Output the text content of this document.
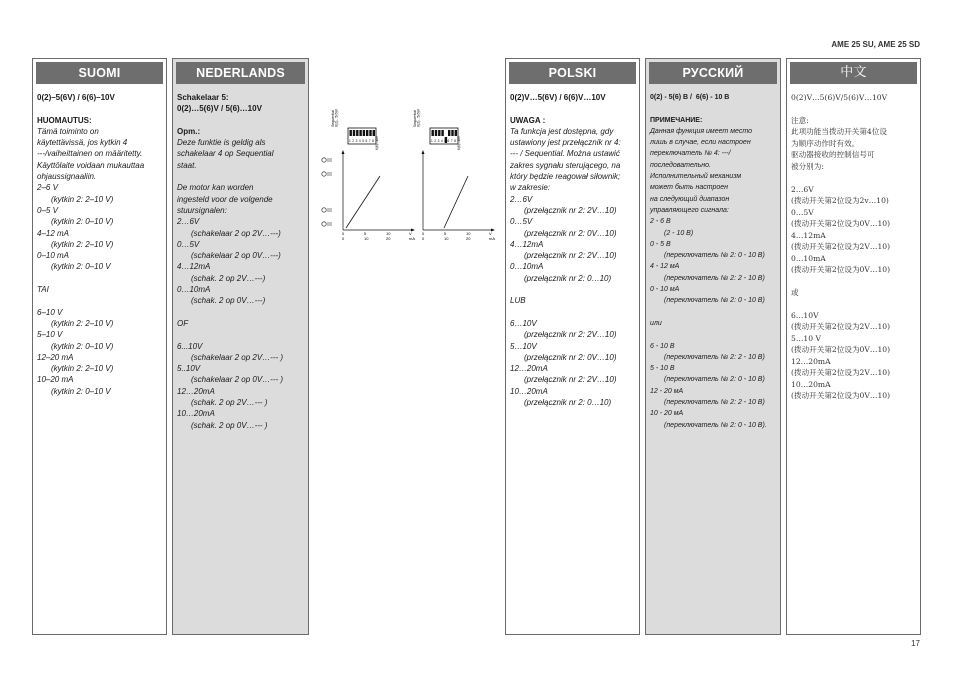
AME 25 SU, AME 25 SD
SUOMI
0(2)–5(6V) / 6(6)–10V
HUOMAUTUS:
Tämä toiminto on
käytettävissä, jos kytkin 4
---/vaiheittainen on määritetty.
Käyttölaite voidaan mukauttaa
ohjaussignaaliin.
2–6 V
(kytkin 2: 2–10 V)
0–5 V
(kytkin 2: 0–10 V)
4–12 mA
(kytkin 2: 2–10 V)
0–10 mA
(kytkin 2: 0–10 V
TAI
6–10 V
(kytkin 2: 2–10 V)
5–10 V
(kytkin 2: 0–10 V)
12–20 mA
(kytkin 2: 2–10 V)
10–20 mA
(kytkin 2: 0–10 V
NEDERLANDS
Schakelaar 5:
0(2)…5(6)V / 5(6)…10V
Opm.:
Deze funktie is geldig als
schakelaar 4 op Sequential
staat.
De motor kan worden
ingesteld voor de volgende
stuursignalen:
2…6V
(schakelaar 2 op 2V…---)
0…5V
(schakelaar 2 op 0V…---)
4…12mA
(schak. 2 op 2V…---)
0…10mA
(schak. 2 op 0V…---)
OF
6...10V
(schakelaar 2 op 2V…--- )
5..10V
(schakelaar 2 op 0V…--- )
12…20mA
(schak. 2 op 2V…--- )
10…20mA
(schak. 2 op 0V…--- )
Sequential 0(2)...5(6)V
1 2 3 4 5 6 7 8 6(6)...10V
0	5	10	V
0	10	20	mA
Sequential 0(2)...5(6)V
1 2 3 4 5 6 7 8 6(6)...10V
0	5	10	V
0	10	20	mA
POLSKI
0(2)V…5(6V) / 6(6)V…10V
UWAGA :
Ta funkcja jest dostępna, gdy
ustawiony jest przełącznik nr 4:
--- / Sequential. Można ustawić
zakres sygnału sterującego, na
który będzie reagował siłownik;
w zakresie:
2…6V
(przełącznik nr 2: 2V…10)
0…5V
(przełącznik nr 2: 0V…10)
4…12mA
(przełącznik nr 2: 2V…10)
0…10mA
(przełącznik nr 2: 0…10)
LUB
6…10V
(przełącznik nr 2: 2V…10)
5…10V
(przełącznik nr 2: 0V…10)
12…20mA
(przełącznik nr 2: 2V…10)
10…20mA
(przełącznik nr 2: 0…10)
РУССКИЙ
0(2) - 5(6) В /  6(6) - 10 В
ПРИМЕЧАНИЕ:
Данная функция имеет место
лишь в случае, если настроен
переключатель № 4: ---/
последовательно.
Исполнительный механизм
может быть настроен
на следующий диапазон
управляющего сигнала:
2 - 6 В
(2 - 10 В)
0 - 5 В
(переключатель № 2: 0 - 10 В)
4 - 12 мА
(переключатель № 2: 2 - 10 В)
0 - 10 мА
(переключатель № 2: 0 - 10 В)
или
6 - 10 В
(переключатель № 2: 2 - 10 В)
5 - 10 В
(переключатель № 2: 0 - 10 В)
12 - 20 мА
(переключатель № 2: 2 - 10 В)
10 - 20 мА
(переключатель № 2: 0 - 10 В).
中文
0(2)V…5(6)V/5(6)V…10V
注意:
此项功能当拨动开关第4位设
为顺序动作时有效。
驱动器接收的控制信号可
被分别为:
2…6V
(拨动开关第2位设为2v…10)
0…5V
(拨动开关第2位设为0V…10)
4…12mA
(拨动开关第2位设为2V…10)
0…10mA
(拨动开关第2位设为0V…10)
或
6…10V
(拨动开关第2位设为2V…10)
5…10 V
(拨动开关第2位设为0V…10)
12…20mA
(拨动开关第2位设为2V…10)
10…20mA
(拨动开关第2位设为0V…10)
17
